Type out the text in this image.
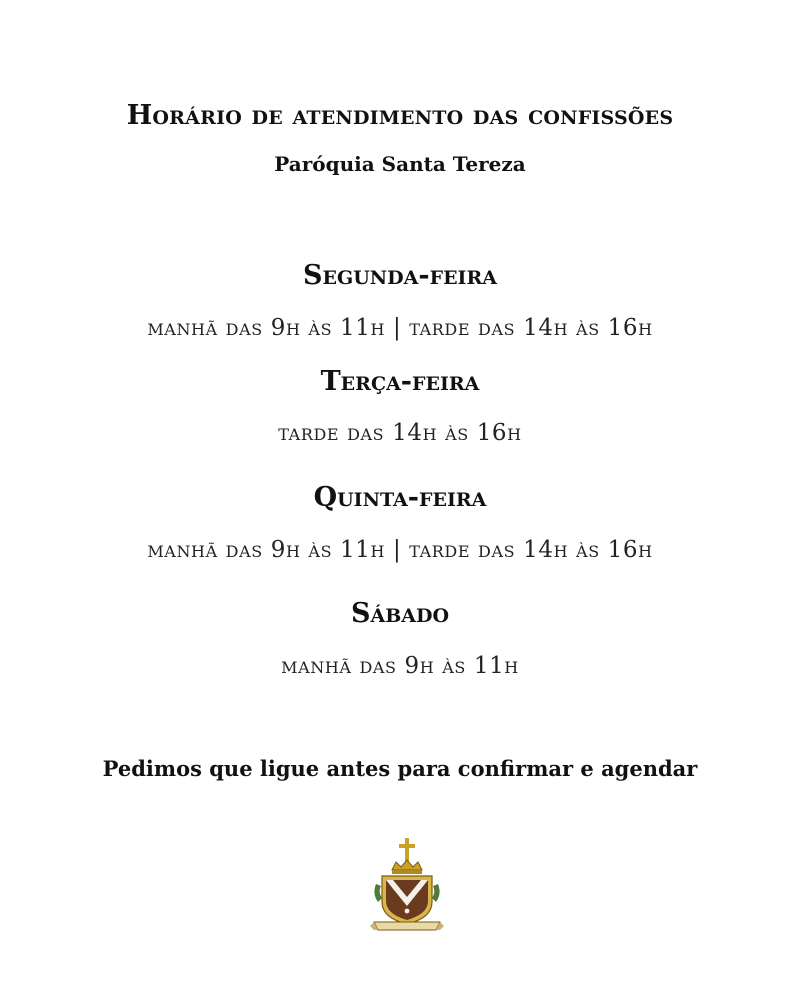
Horário de atendimento das confissões
Paróquia Santa Tereza
Segunda-feira
manhã das 9h às 11h | tarde das 14h às 16h
Terça-feira
tarde das 14h às 16h
Quinta-feira
manhã das 9h às 11h | tarde das 14h às 16h
Sábado
manhã das 9h às 11h
Pedimos que ligue antes para confirmar e agendar
